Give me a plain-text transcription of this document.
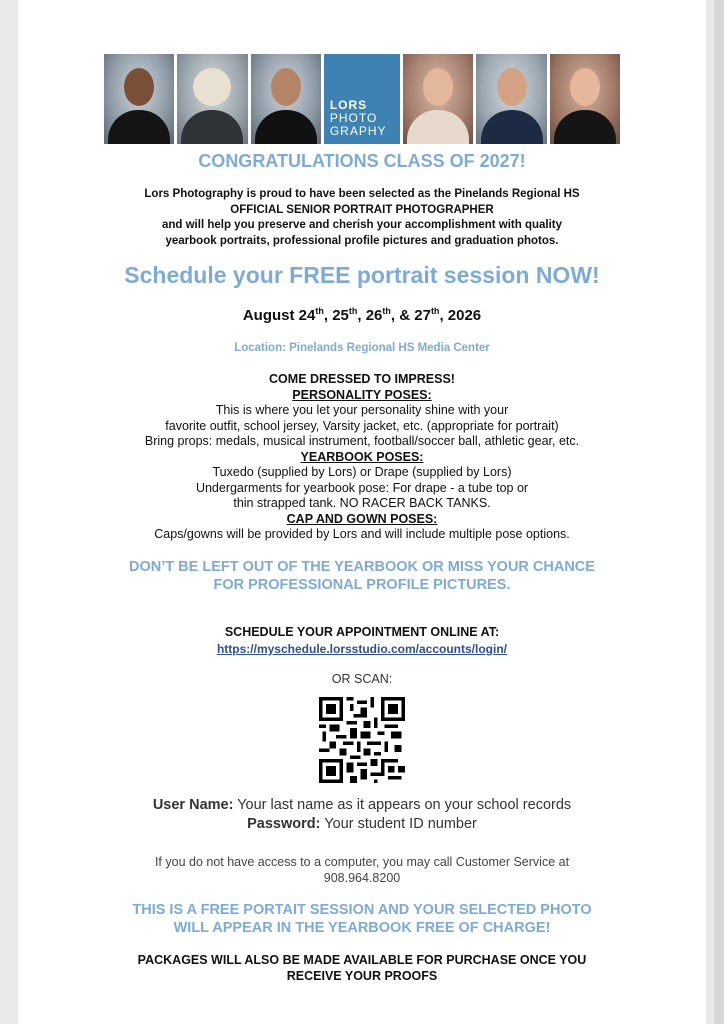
LORS
PHOTO
GRAPHY
CONGRATULATIONS CLASS OF 2027!
Lors Photography is proud to have been selected as the Pinelands Regional HS
OFFICIAL SENIOR PORTRAIT PHOTOGRAPHER
and will help you preserve and cherish your accomplishment with quality
yearbook portraits, professional profile pictures and graduation photos.
Schedule your FREE portrait session NOW!
August 24th, 25th, 26th, & 27th, 2026
Location: Pinelands Regional HS Media Center
COME DRESSED TO IMPRESS!
PERSONALITY POSES:
This is where you let your personality shine with your
favorite outfit, school jersey, Varsity jacket, etc. (appropriate for portrait)
Bring props: medals, musical instrument, football/soccer ball, athletic gear, etc.
YEARBOOK POSES:
Tuxedo (supplied by Lors) or Drape (supplied by Lors)
Undergarments for yearbook pose: For drape - a tube top or
thin strapped tank. NO RACER BACK TANKS.
CAP AND GOWN POSES:
Caps/gowns will be provided by Lors and will include multiple pose options.
DON’T BE LEFT OUT OF THE YEARBOOK OR MISS YOUR CHANCE
FOR PROFESSIONAL PROFILE PICTURES.
SCHEDULE YOUR APPOINTMENT ONLINE AT:
https://myschedule.lorsstudio.com/accounts/login/
OR SCAN:
User Name: Your last name as it appears on your school records
Password: Your student ID number
If you do not have access to a computer, you may call Customer Service at
908.964.8200
THIS IS A FREE PORTAIT SESSION AND YOUR SELECTED PHOTO
WILL APPEAR IN THE YEARBOOK FREE OF CHARGE!
PACKAGES WILL ALSO BE MADE AVAILABLE FOR PURCHASE ONCE YOU
RECEIVE YOUR PROOFS
